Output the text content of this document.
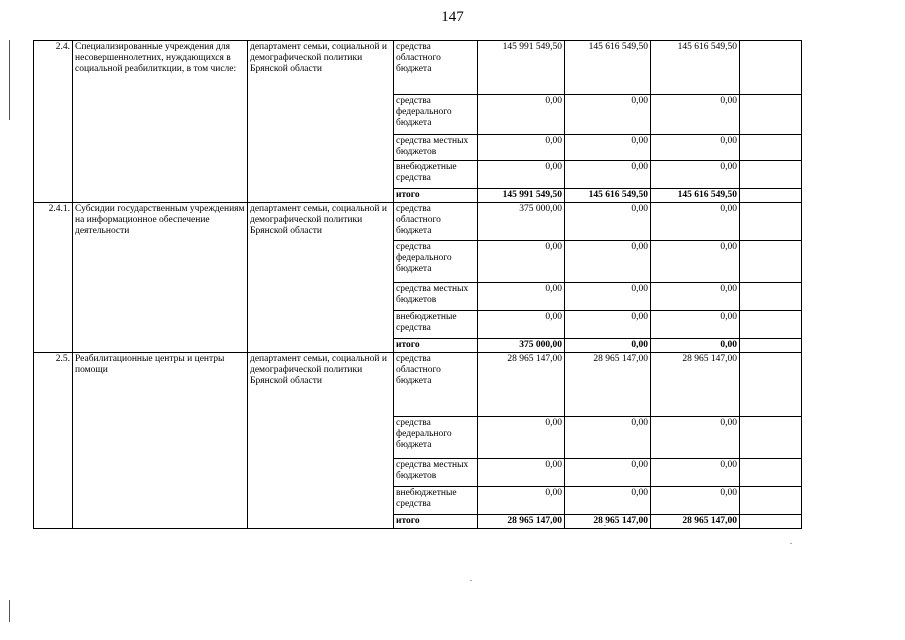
147
2.4.	Специализированные учреждения для несовершеннолетних, нуждающихся в социальной реабилиткции, в том числе:	департамент семьи, социальной и демографической политики Брянской области	средства областного бюджета	145 991 549,50	145 616 549,50	145 616 549,50	
			средства федерального бюджета	0,00	0,00	0,00	
			средства местных бюджетов	0,00	0,00	0,00	
			внебюджетные средства	0,00	0,00	0,00	
			итого	145 991 549,50	145 616 549,50	145 616 549,50	
2.4.1.	Субсидии государственным учреждениям на информационное обеспечение деятельности	департамент семьи, социальной и демографической политики Брянской области	средства областного бюджета	375 000,00	0,00	0,00	
			средства федерального бюджета	0,00	0,00	0,00	
			средства местных бюджетов	0,00	0,00	0,00	
			внебюджетные средства	0,00	0,00	0,00	
			итого	375 000,00	0,00	0,00	
2.5.	Реабилитационные центры и центры помощи	департамент семьи, социальной и демографической политики Брянской области	средства областного бюджета	28 965 147,00	28 965 147,00	28 965 147,00	
			средства федерального бюджета	0,00	0,00	0,00	
			средства местных бюджетов	0,00	0,00	0,00	
			внебюджетные средства	0,00	0,00	0,00	
			итого	28 965 147,00	28 965 147,00	28 965 147,00	
